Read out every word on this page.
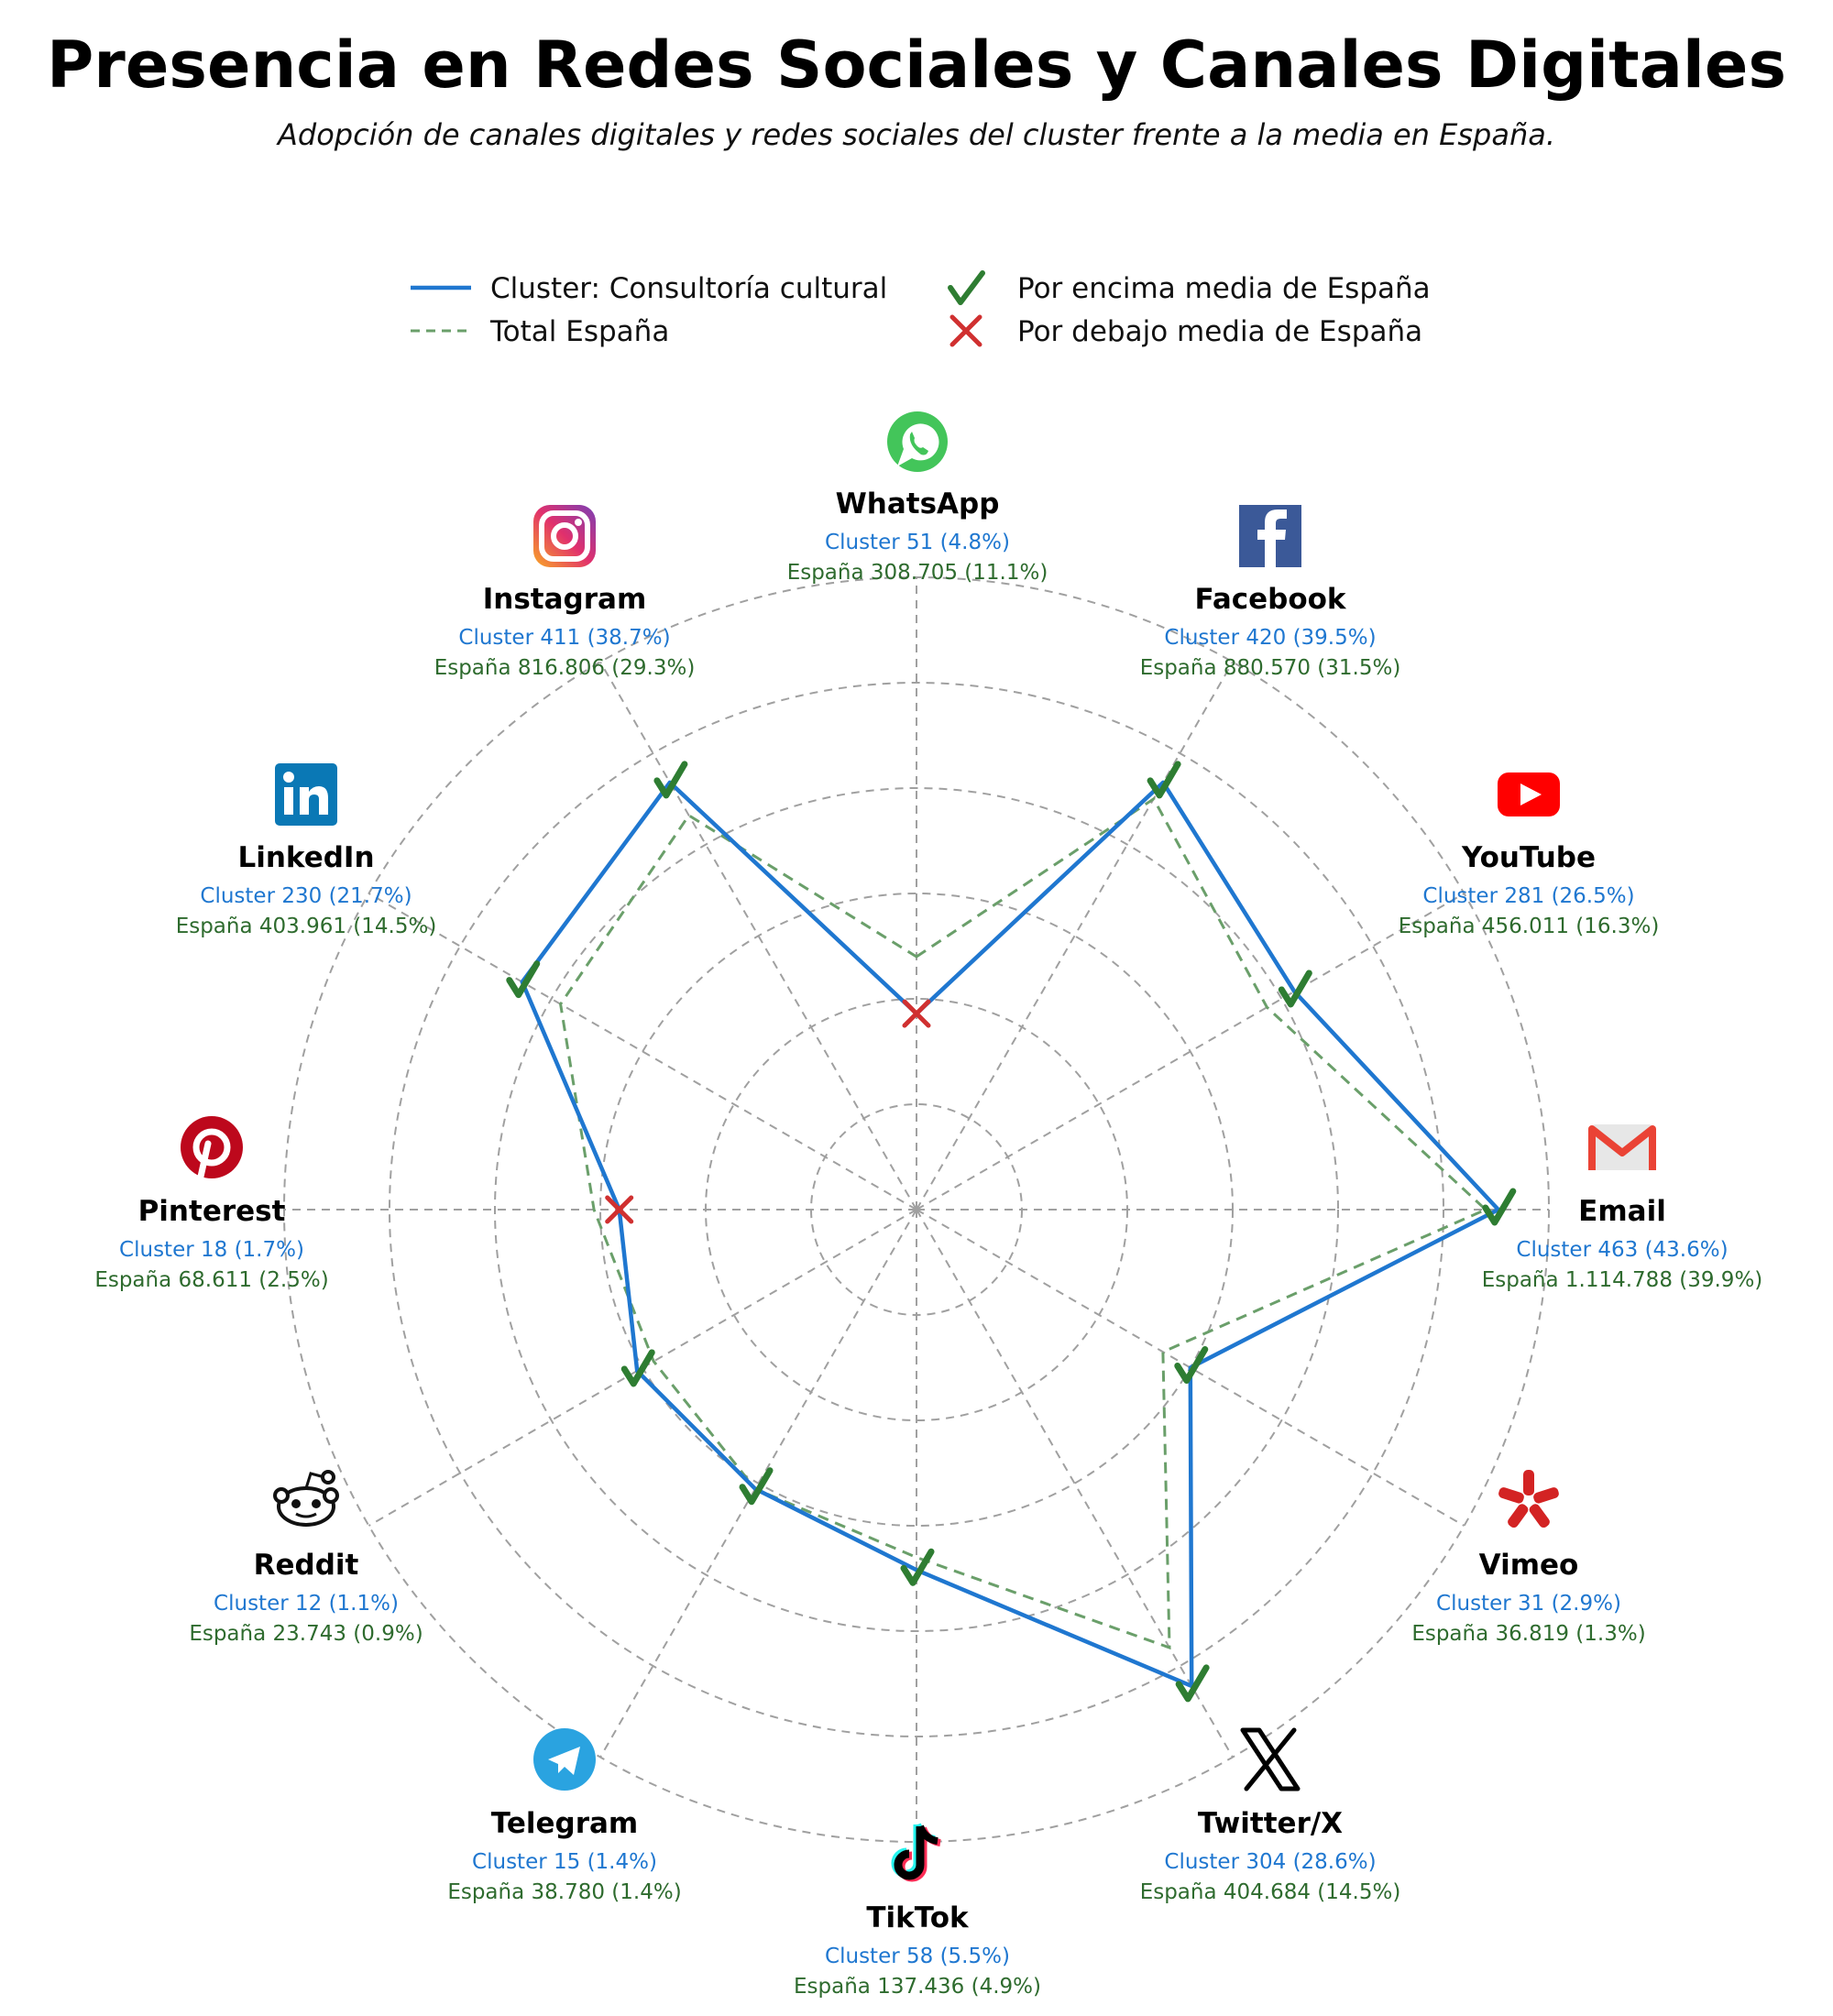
Presencia en Redes Sociales y Canales Digitales
Adopción de canales digitales y redes sociales del cluster frente a la media en España.
Cluster: Consultoría cultural
Total España
Por encima media de España
Por debajo media de España
WhatsApp
Cluster 51 (4.8%)
España 308.705 (11.1%)
Facebook
Cluster 420 (39.5%)
España 880.570 (31.5%)
YouTube
Cluster 281 (26.5%)
España 456.011 (16.3%)
Email
Cluster 463 (43.6%)
España 1.114.788 (39.9%)
Vimeo
Cluster 31 (2.9%)
España 36.819 (1.3%)
Twitter/X
Cluster 304 (28.6%)
España 404.684 (14.5%)
TikTok
Cluster 58 (5.5%)
España 137.436 (4.9%)
Telegram
Cluster 15 (1.4%)
España 38.780 (1.4%)
Reddit
Cluster 12 (1.1%)
España 23.743 (0.9%)
Pinterest
Cluster 18 (1.7%)
España 68.611 (2.5%)
LinkedIn
Cluster 230 (21.7%)
España 403.961 (14.5%)
Instagram
Cluster 411 (38.7%)
España 816.806 (29.3%)
